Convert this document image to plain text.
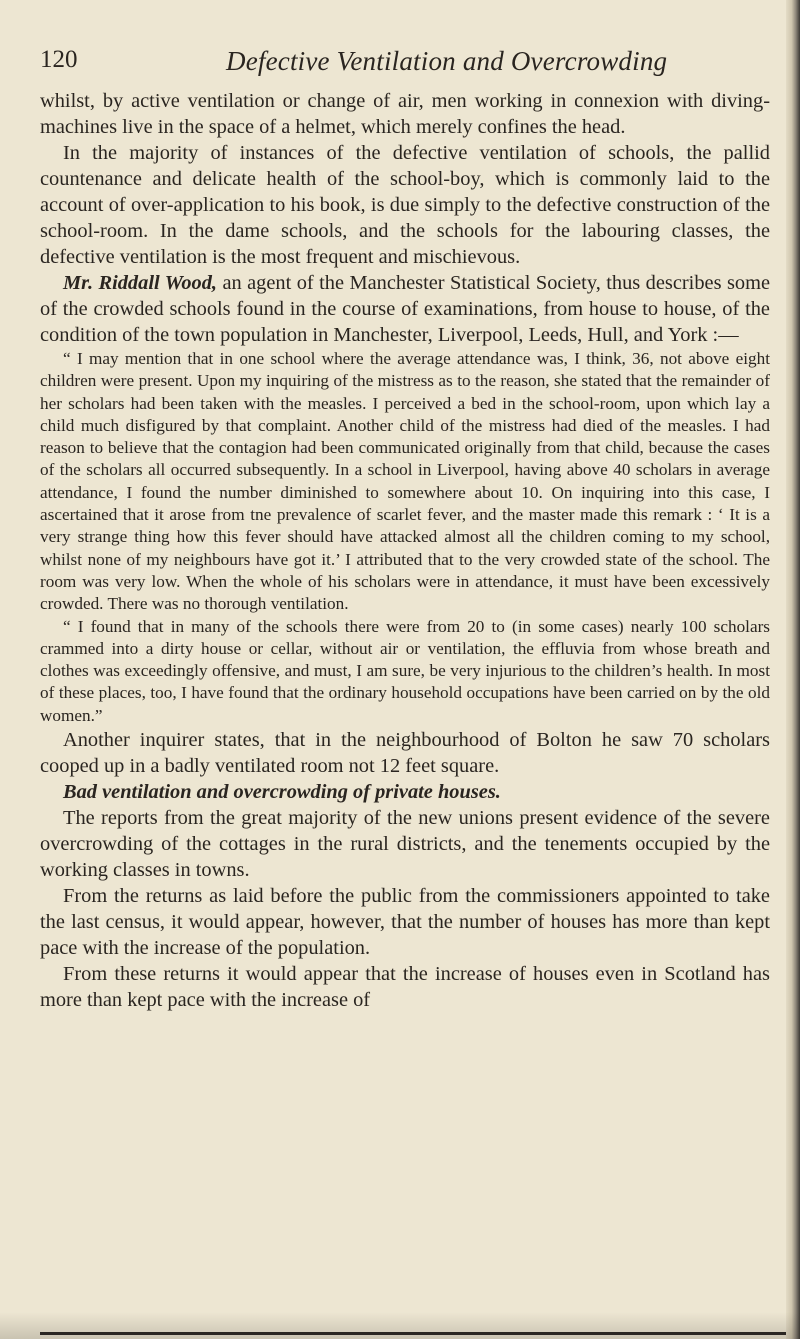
120	Defective Ventilation and Overcrowding

whilst, by active ventilation or change of air, men working in connexion with diving-machines live in the space of a helmet, which merely confines the head.

In the majority of instances of the defective ventilation of schools, the pallid countenance and delicate health of the school-boy, which is commonly laid to the account of over-application to his book, is due simply to the defective construction of the school-room. In the dame schools, and the schools for the labouring classes, the defective ventilation is the most frequent and mischievous.

Mr. Riddall Wood, an agent of the Manchester Statistical Society, thus describes some of the crowded schools found in the course of examinations, from house to house, of the condition of the town population in Manchester, Liverpool, Leeds, Hull, and York :—

“ I may mention that in one school where the average attendance was, I think, 36, not above eight children were present. Upon my inquiring of the mistress as to the reason, she stated that the remainder of her scholars had been taken with the measles. I perceived a bed in the school-room, upon which lay a child much disfigured by that complaint. Another child of the mistress had died of the measles. I had reason to believe that the contagion had been communicated originally from that child, because the cases of the scholars all occurred subsequently. In a school in Liverpool, having above 40 scholars in average attendance, I found the number diminished to somewhere about 10. On inquiring into this case, I ascertained that it arose from tne prevalence of scarlet fever, and the master made this remark : ‘ It is a very strange thing how this fever should have attacked almost all the children coming to my school, whilst none of my neighbours have got it.’ I attributed that to the very crowded state of the school. The room was very low. When the whole of his scholars were in attendance, it must have been excessively crowded. There was no thorough ventilation.

“ I found that in many of the schools there were from 20 to (in some cases) nearly 100 scholars crammed into a dirty house or cellar, without air or ventilation, the effluvia from whose breath and clothes was exceedingly offensive, and must, I am sure, be very injurious to the children’s health. In most of these places, too, I have found that the ordinary household occupations have been carried on by the old women.”

Another inquirer states, that in the neighbourhood of Bolton he saw 70 scholars cooped up in a badly ventilated room not 12 feet square.

Bad ventilation and overcrowding of private houses.

The reports from the great majority of the new unions present evidence of the severe overcrowding of the cottages in the rural districts, and the tenements occupied by the working classes in towns.

From the returns as laid before the public from the commissioners appointed to take the last census, it would appear, however, that the number of houses has more than kept pace with the increase of the population.

From these returns it would appear that the increase of houses even in Scotland has more than kept pace with the increase of
